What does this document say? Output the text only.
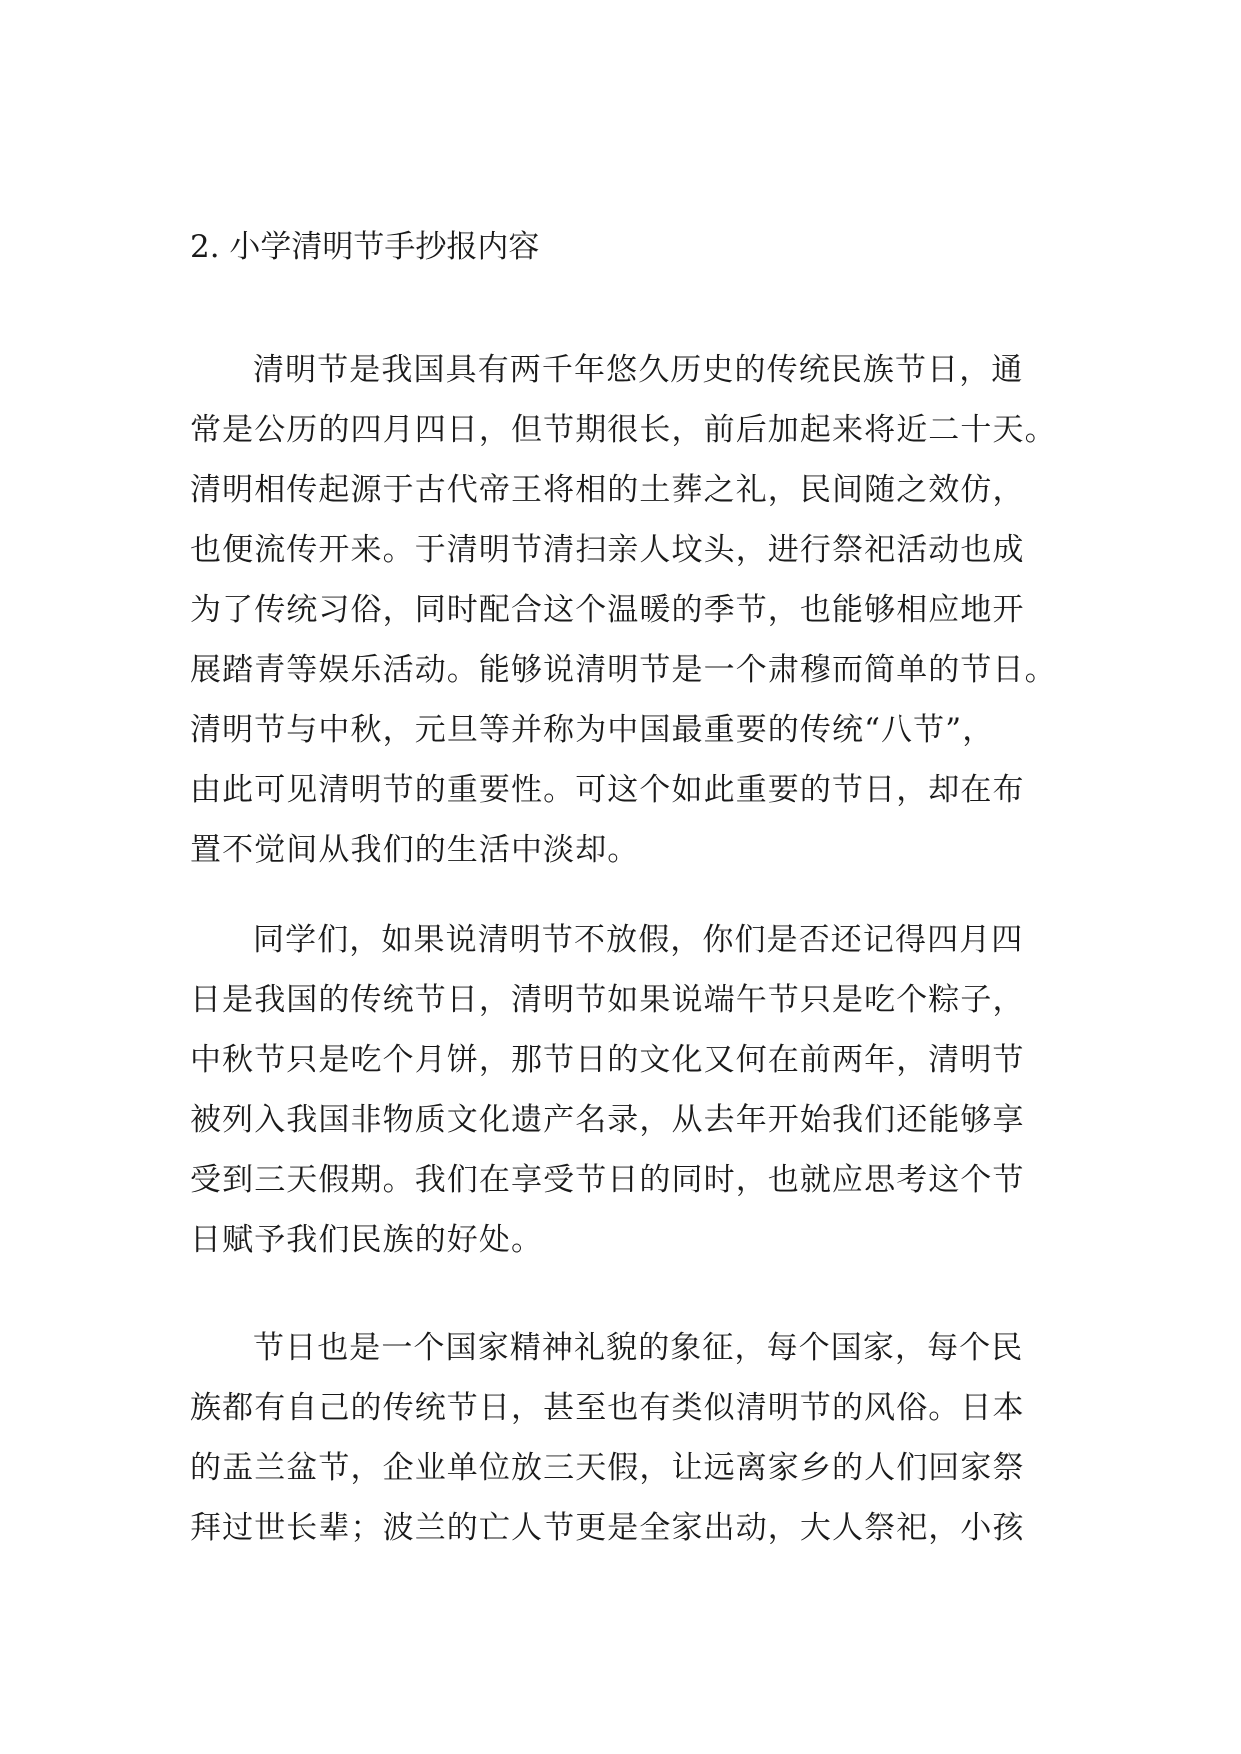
2. 小学清明节手抄报内容

清明节是我国具有两千年悠久历史的传统民族节日，通
常是公历的四月四日，但节期很长，前后加起来将近二十天。
清明相传起源于古代帝王将相的土葬之礼，民间随之效仿，
也便流传开来。于清明节清扫亲人坟头，进行祭祀活动也成
为了传统习俗，同时配合这个温暖的季节，也能够相应地开
展踏青等娱乐活动。能够说清明节是一个肃穆而简单的节日。
清明节与中秋，元旦等并称为中国最重要的传统“八节”，
由此可见清明节的重要性。可这个如此重要的节日，却在布
置不觉间从我们的生活中淡却。

同学们，如果说清明节不放假，你们是否还记得四月四
日是我国的传统节日，清明节如果说端午节只是吃个粽子，
中秋节只是吃个月饼，那节日的文化又何在前两年，清明节
被列入我国非物质文化遗产名录，从去年开始我们还能够享
受到三天假期。我们在享受节日的同时，也就应思考这个节
日赋予我们民族的好处。

节日也是一个国家精神礼貌的象征，每个国家，每个民
族都有自己的传统节日，甚至也有类似清明节的风俗。日本
的盂兰盆节，企业单位放三天假，让远离家乡的人们回家祭
拜过世长辈；波兰的亡人节更是全家出动，大人祭祀，小孩
